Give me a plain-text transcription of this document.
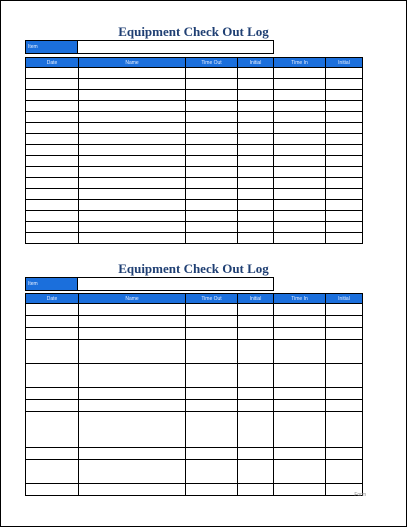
Equipment Check Out Log
Item
Date	Name	Time Out	Initial	Time In	Initial

Equipment Check Out Log
Item
Date	Name	Time Out	Initial	Time In	Initial

Form
